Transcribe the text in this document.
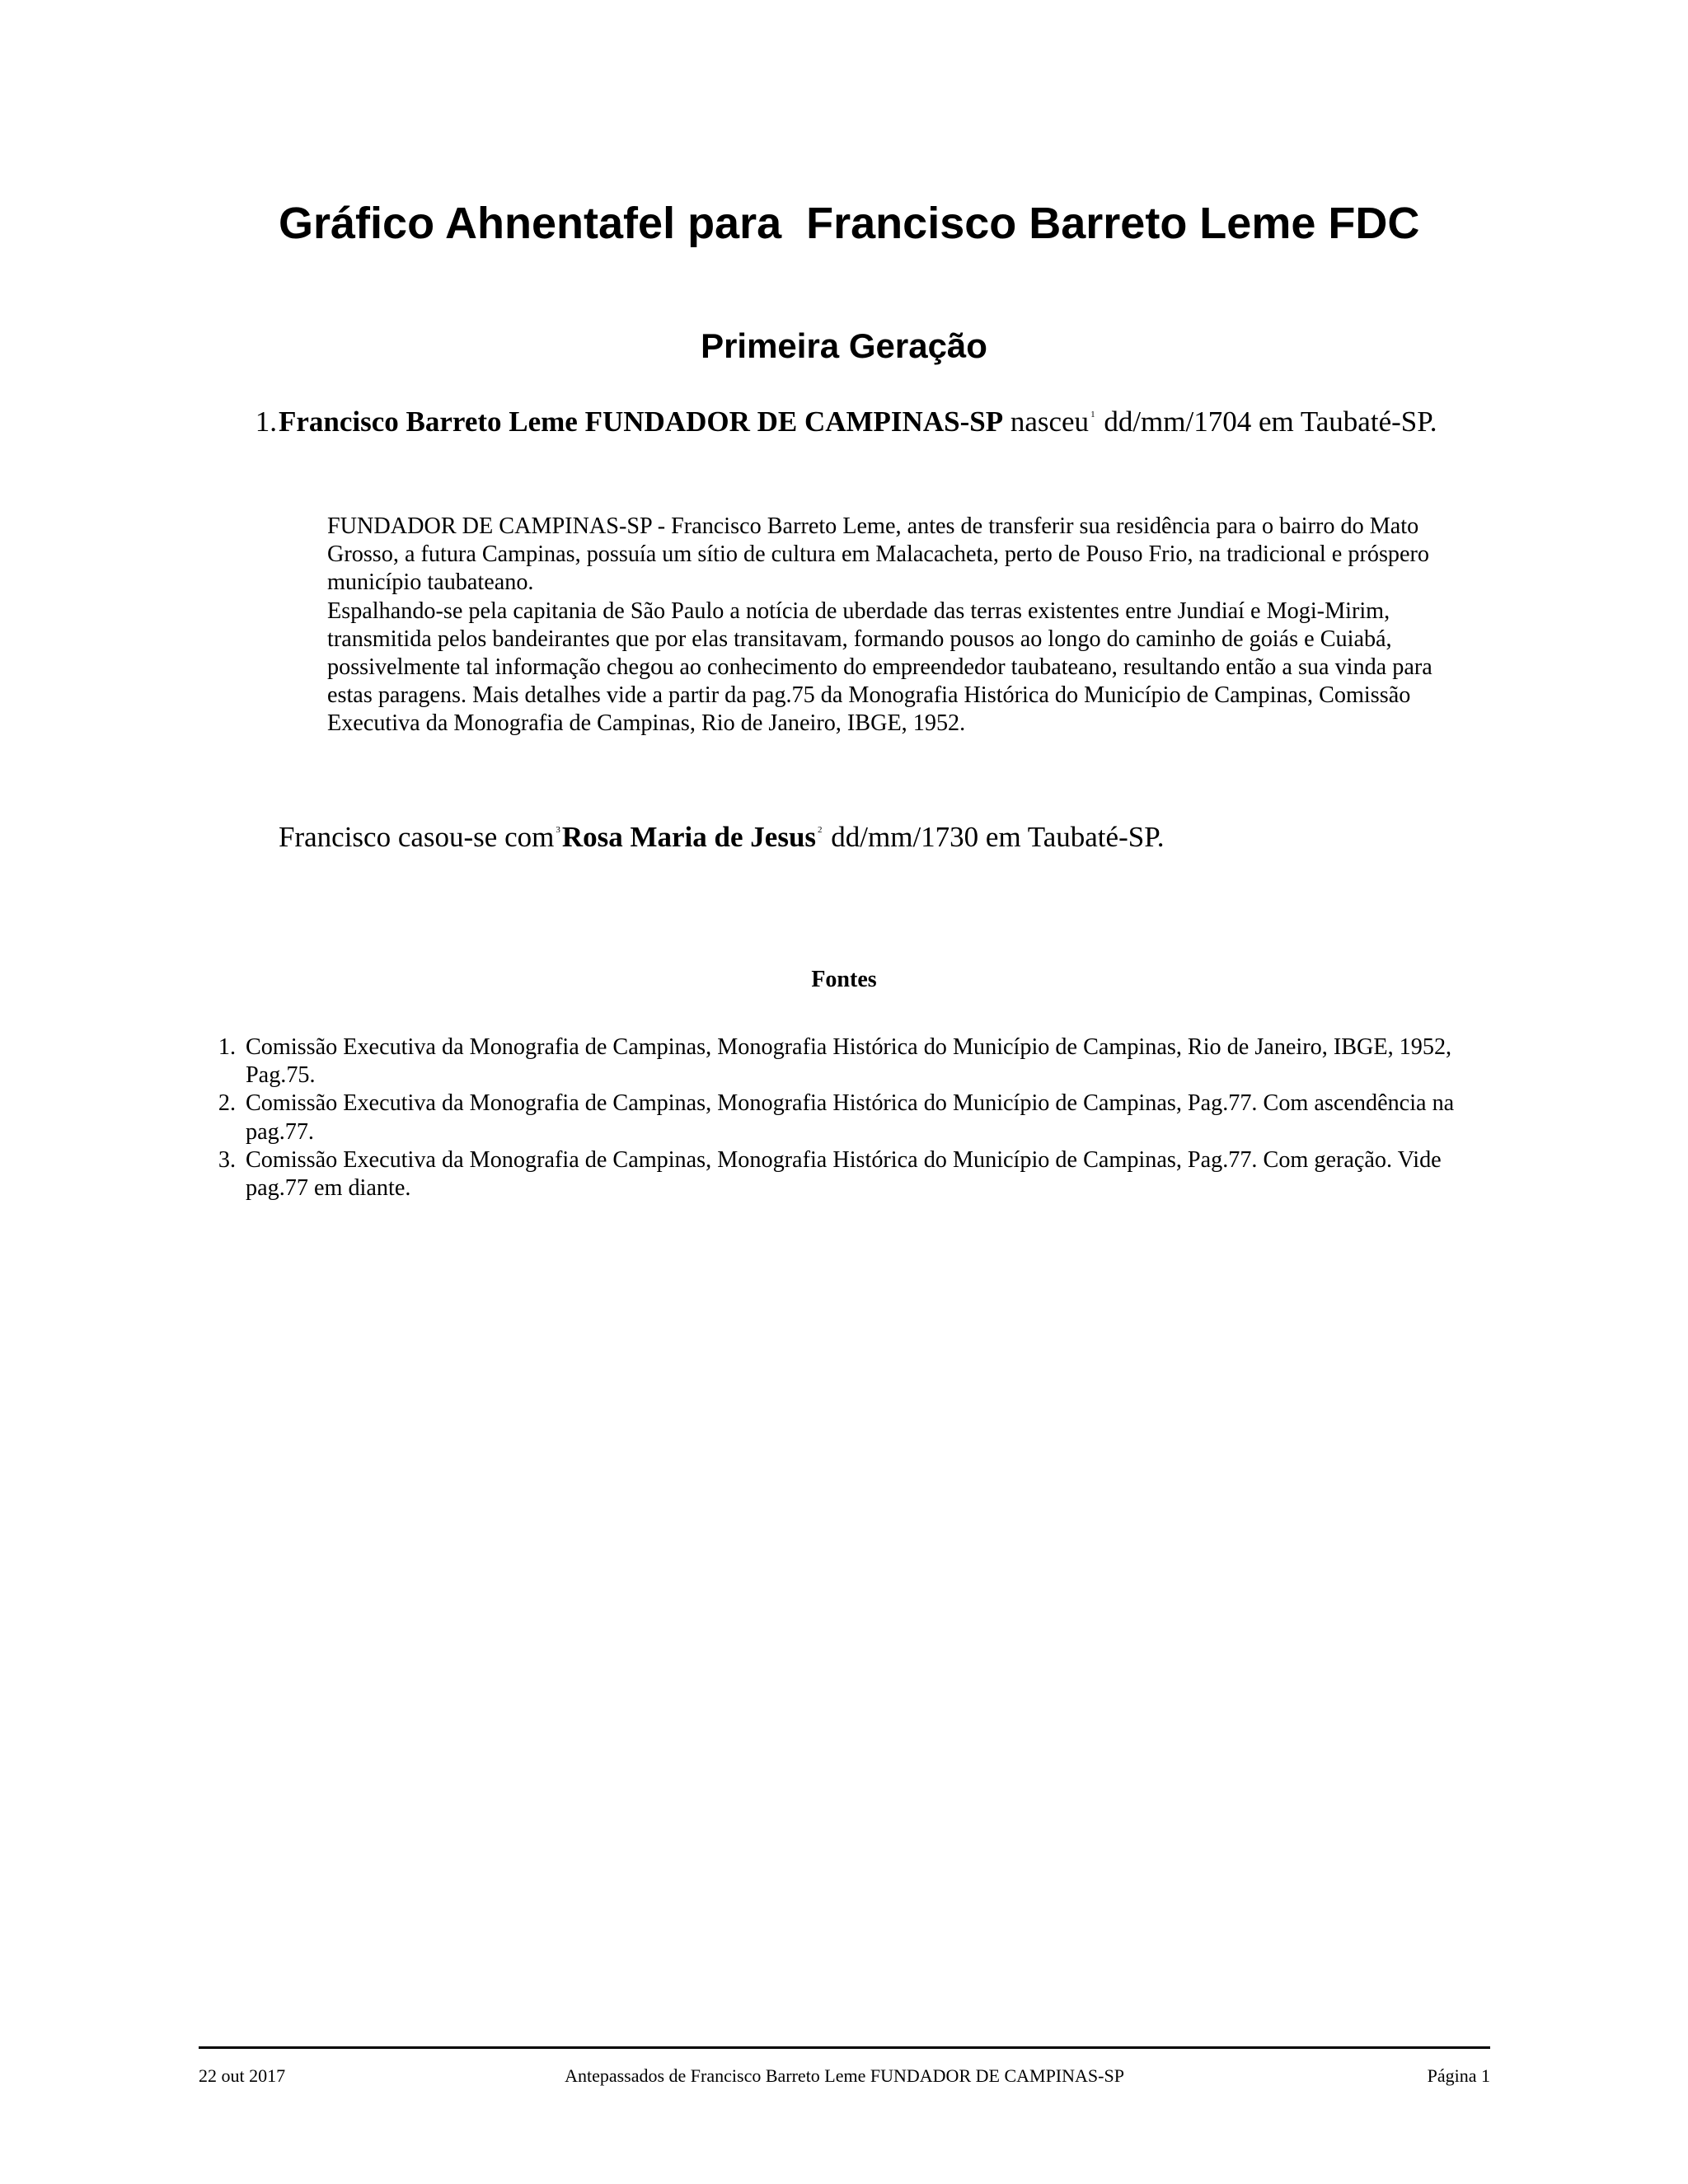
Gráfico Ahnentafel para  Francisco Barreto Leme FDC
Primeira Geração
1. Francisco Barreto Leme FUNDADOR DE CAMPINAS-SP nasceu $^1$ dd/mm/1704 em Taubaté-SP.

FUNDADOR DE CAMPINAS-SP - Francisco Barreto Leme, antes de transferir sua residência para o bairro do Mato Grosso, a futura Campinas, possuía um sítio de cultura em Malacacheta, perto de Pouso Frio, na tradicional e próspero município taubateano.

Espalhando-se pela capitania de São Paulo a notícia de uberdade das terras existentes entre Jundiaí e Mogi-Mirim, transmitida pelos bandeirantes que por elas transitavam, formando pousos ao longo do caminho de goiás e Cuiabá, possivelmente tal informação chegou ao conhecimento do empreendedor taubateano, resultando então a sua vinda para estas paragens. Mais detalhes vide a partir da pag.75 da Monografia Histórica do Município de Campinas, Comissão Executiva da Monografia de Campinas, Rio de Janeiro, IBGE, 1952.

Francisco casou-se com $^3$Rosa Maria de Jesus $^2$ dd/mm/1730 em Taubaté-SP.
Fontes
1. Comissão Executiva da Monografia de Campinas, Monografia Histórica do Município de Campinas, Rio de Janeiro, IBGE, 1952, Pag.75.
2. Comissão Executiva da Monografia de Campinas, Monografia Histórica do Município de Campinas, Pag.77. Com ascendência na pag.77.
3. Comissão Executiva da Monografia de Campinas, Monografia Histórica do Município de Campinas, Pag.77. Com geração. Vide pag.77 em diante.
22 out 2017	Antepassados de Francisco Barreto Leme FUNDADOR DE CAMPINAS-SP	Página 1
